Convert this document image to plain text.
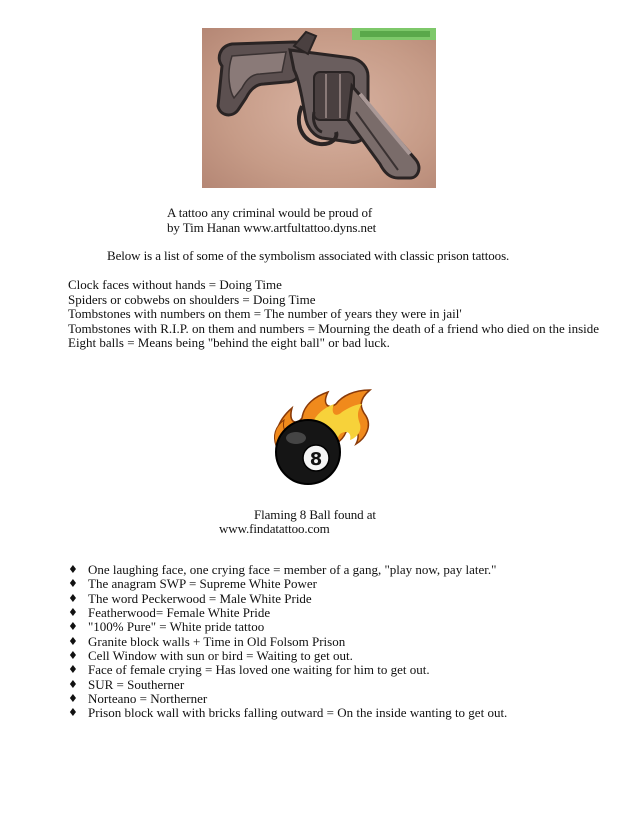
A tattoo any criminal would be proud of
by Tim Hanan www.artfultattoo.dyns.net
Below is a list of some of the symbolism associated with classic prison tattoos.
Clock faces without hands = Doing Time
Spiders or cobwebs on shoulders = Doing Time
Tombstones with numbers on them = The number of years they were in jail'
Tombstones with R.I.P. on them and numbers = Mourning the death of a friend who died on the inside
Eight balls = Means being "behind the eight ball" or bad luck.
8
Flaming 8 Ball found at
www.findatattoo.com
♦ One laughing face, one crying face = member of a gang, "play now, pay later."
♦ The anagram SWP = Supreme White Power
♦ The word Peckerwood = Male White Pride
♦ Featherwood= Female White Pride
♦ "100% Pure" = White pride tattoo
♦ Granite block walls + Time in Old Folsom Prison
♦ Cell Window with sun or bird = Waiting to get out.
♦ Face of female crying = Has loved one waiting for him to get out.
♦ SUR = Southerner
♦ Norteano = Northerner
♦ Prison block wall with bricks falling outward = On the inside wanting to get out.
